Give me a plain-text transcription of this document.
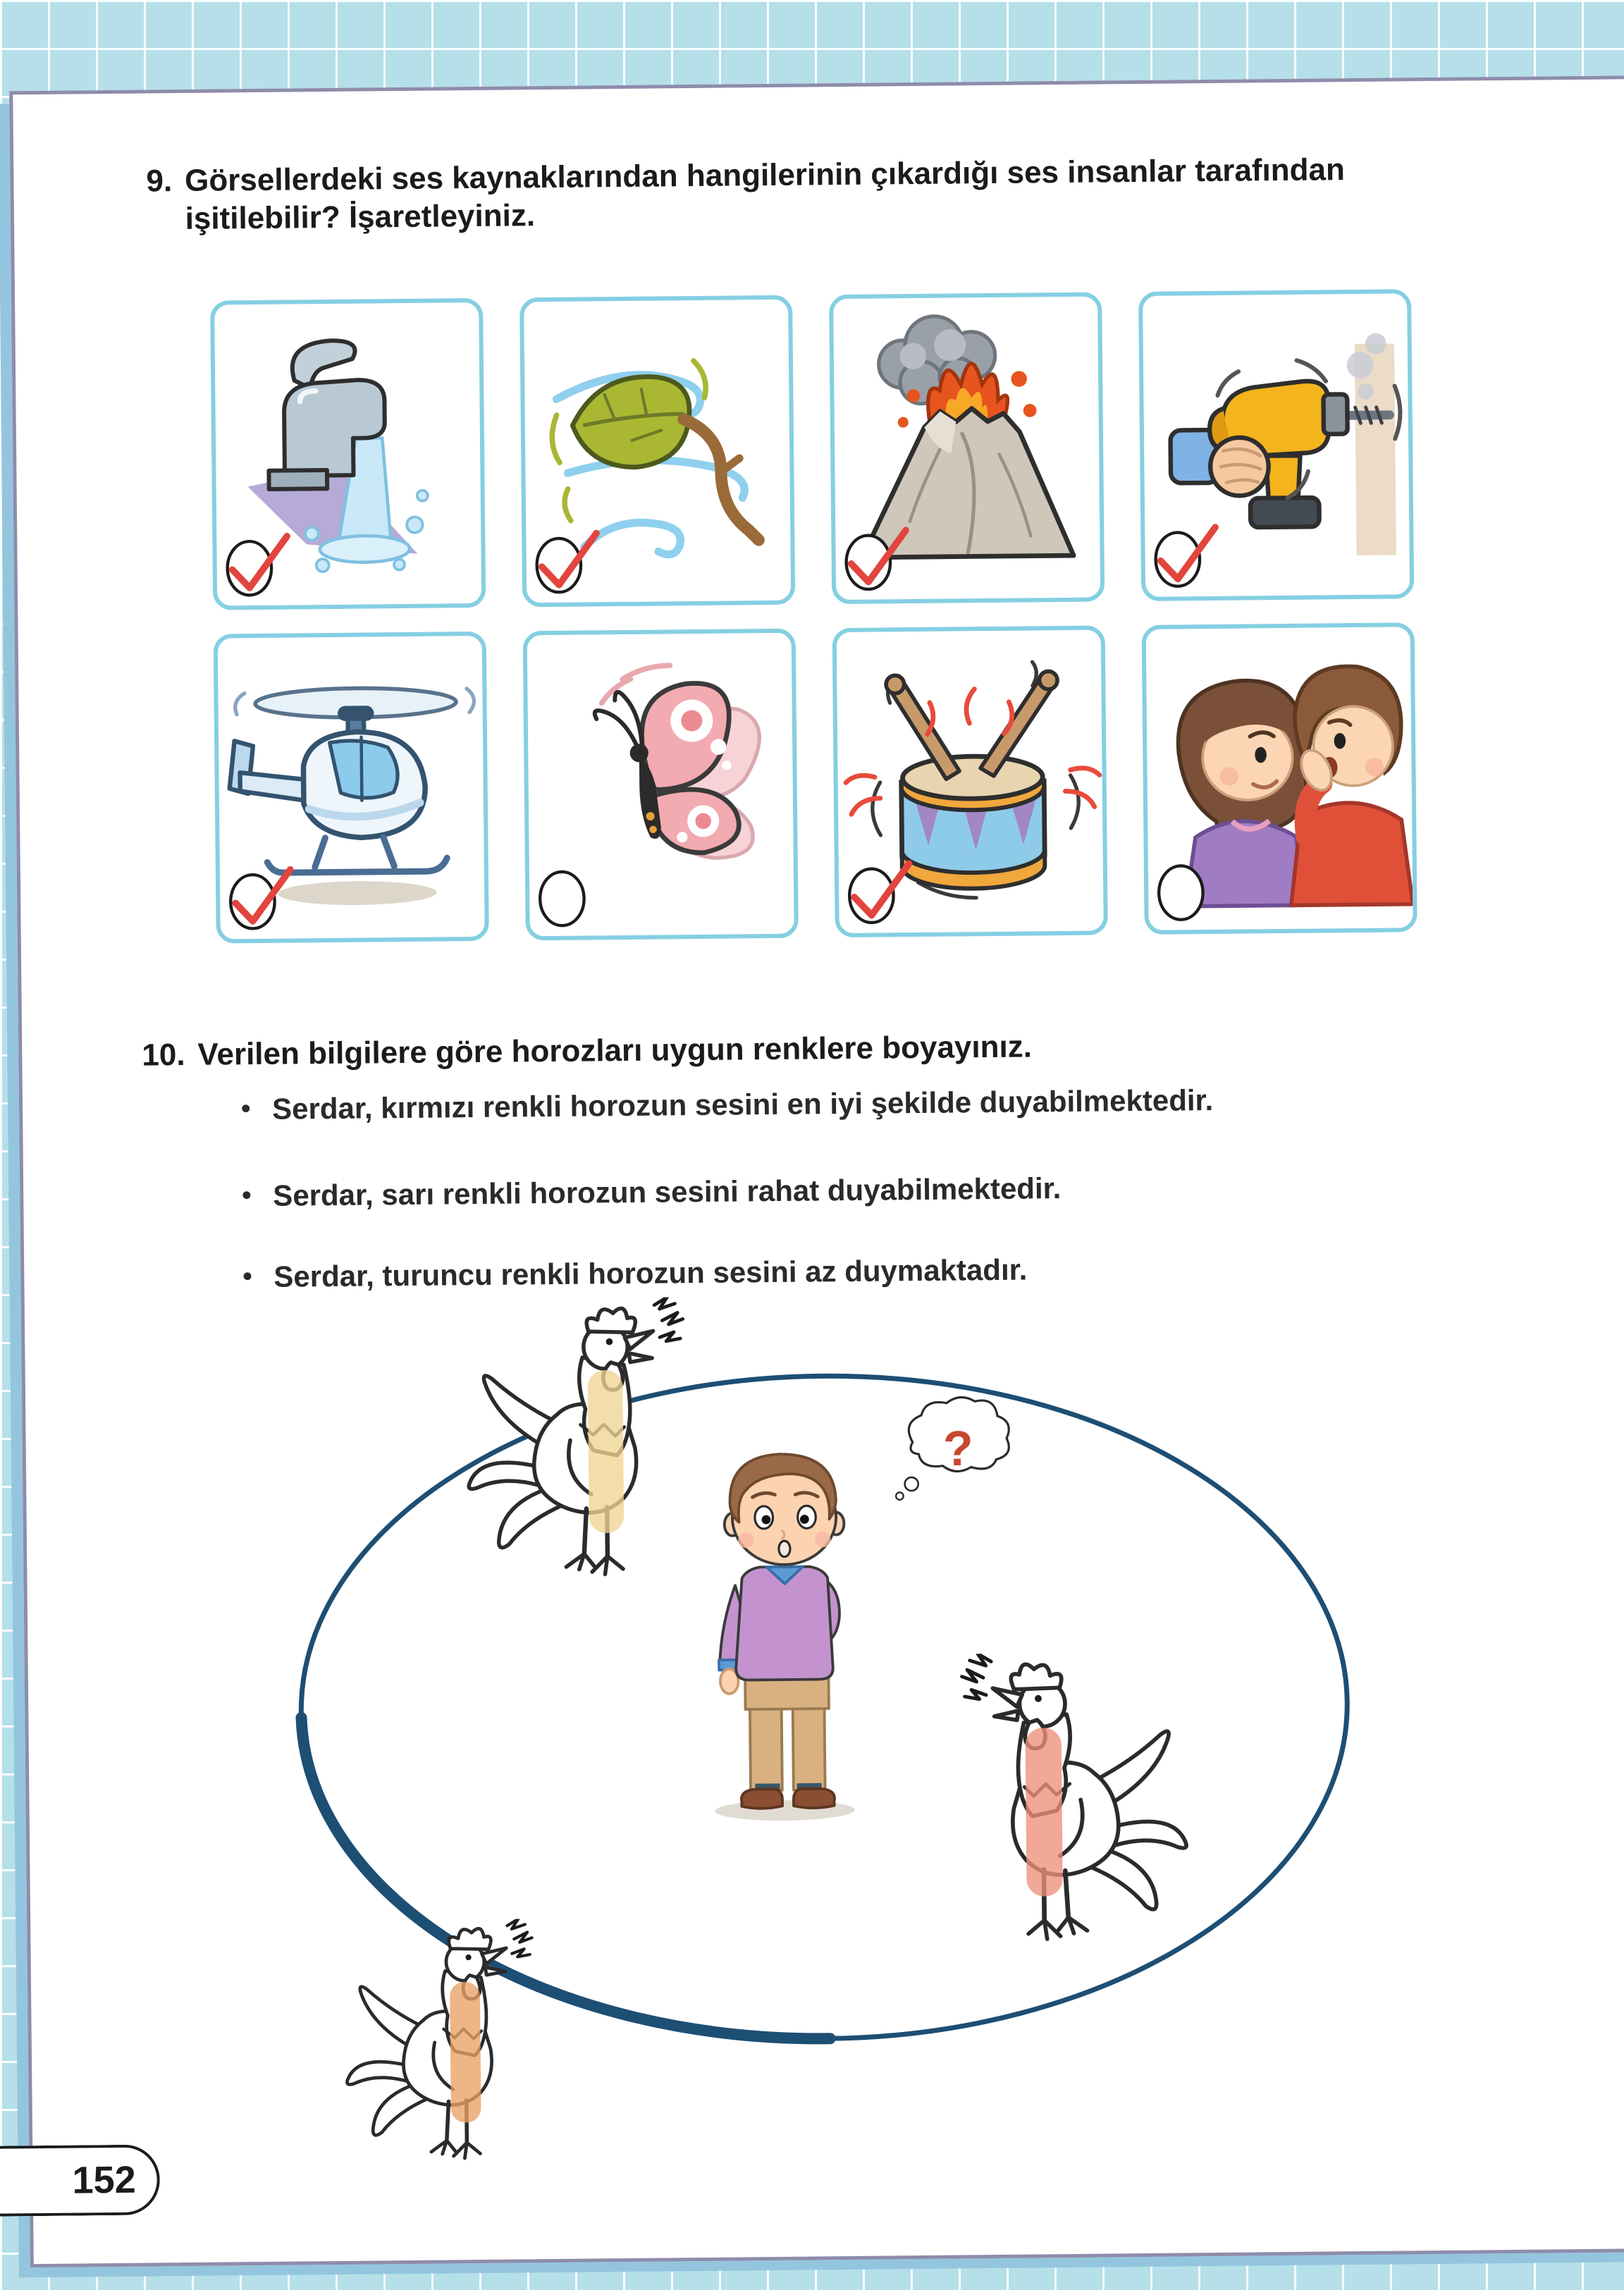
9. Görsellerdeki ses kaynaklarından hangilerinin çıkardığı ses insanlar tarafından işitilebilir? İşaretleyiniz.
10. Verilen bilgilere göre horozları uygun renklere boyayınız.
• Serdar, kırmızı renkli horozun sesini en iyi şekilde duyabilmektedir.
• Serdar, sarı renkli horozun sesini rahat duyabilmektedir.
• Serdar, turuncu renkli horozun sesini az duymaktadır.
?
152
